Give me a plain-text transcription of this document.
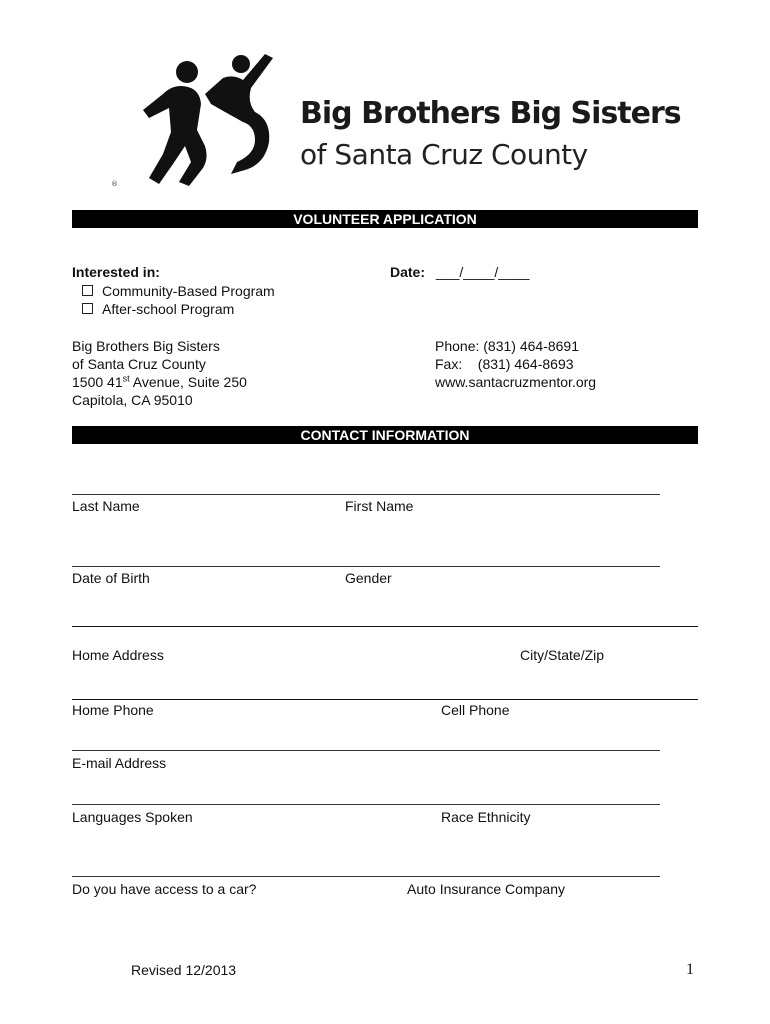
®
Big Brothers Big Sisters
of Santa Cruz County
VOLUNTEER APPLICATION
Interested in:
Community-Based Program
After-school Program
Date: ___/____/____
Big Brothers Big Sisters
of Santa Cruz County
1500 41st Avenue, Suite 250
Capitola, CA 95010
Phone: (831) 464-8691
Fax:    (831) 464-8693
www.santacruzmentor.org
CONTACT INFORMATION
Last Name	First Name
Date of Birth	Gender
Home Address	City/State/Zip
Home Phone	Cell Phone
E-mail Address
Languages Spoken	Race Ethnicity
Do you have access to a car?	Auto Insurance Company
Revised 12/2013	1
